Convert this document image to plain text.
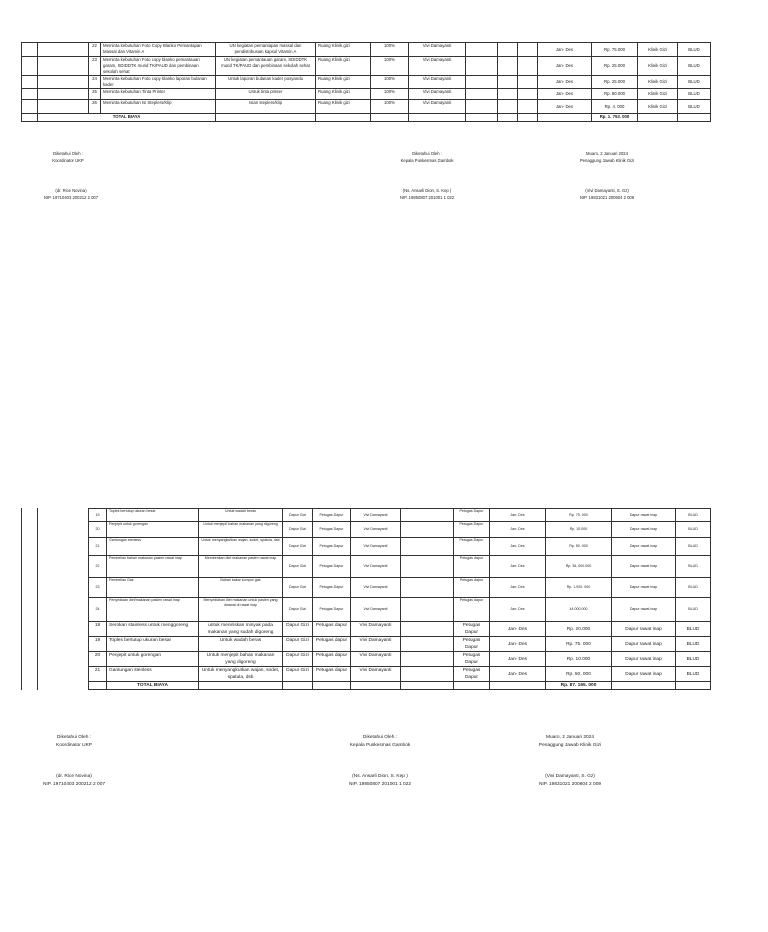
		22	Meminta kebutuhan Foto Copy Blanko Pemantapan Massal dan Vitamin A	UN kegiatan pemantapan massal dan pendistribusian kapsul Vitamin A	Ruang Klinik gizi	100%	Vivi Damayanti				Jan- Des	Rp. 75.000	Klinik Gizi	BLUD
		23	Meminta kebutuhan Foto copy blanko pemantauan garam, SDIDDTK murid TK/PAUD dan pembinaan sekolah sehat	UN kegiatan pemantauan garam, SDIDDTK murid TK/PAUD dan pembinaan sekolah sehat	Ruang Klinik gizi	100%	Vivi Damayanti				Jan- Des	Rp. 25.000	Klinik Gizi	BLUD
		24	Meminta kebutuhan Foto copy blanko laporan bulanan kader	Untuk laporan bulanan kader posyandu	Ruang Klinik gizi	100%	Vivi Damayanti				Jan- Des	Rp. 25.000	Klinik Gizi	BLUD
		25	Meminta kebutuhan Tinta Printer	Untuk tinta printer	Ruang Klinik gizi	100%	Vivi Damayanti				Jan- Des	Rp. 80.000	Klinik Gizi	BLUD
		26	Meminta kebutuhan Isi Steplers/Klip	Isian steplers/klip	Ruang Klinik gizi	100%	Vivi Damayanti				Jan- Des	Rp. 4. 000	Klinik Gizi	BLUD
	TOTAL BIAYA											Rp. 1. 753. 000		
Diketahui Oleh :
Koordinator UKP
(dr. Rice Novina)
NIP. 19710403 200212 2 007
Diketahui Oleh :
Kepala Puskesmas Gambok
(Ns. Ansarli Dion, S. Kep )
NIP. 19850807 201001 1 022
Muaro, 2 Januari 2024
Penaggung Jawab Klinik Gizi
(Vivi Damayanti, S. Gz)
NIP. 19831021 200604 2 009
19	Toples bertutup ukuran besar	Untuk wadah beras	Dapur Gizi	Petugas Dapur	Vivi Damayanti		Petugas Dapur	Jan- Des	Rp. 75. 000	Dapur rawat inap	BLUD
20	Penjepit untuk gorengan	Untuk menjepit bahan makanan yang digoreng	Dapur Gizi	Petugas Dapur	Vivi Damayanti		Petugas Dapur	Jan- Des	Rp. 10.000	Dapur rawat inap	BLUD
21	Gantungan stenless	Untuk menyangkutkan wajan, sodet, spatula, dsb	Dapur Gizi	Petugas Dapur	Vivi Damayanti		Petugas Dapur	Jan- Des	Rp. 50. 000	Dapur rawat inap	BLUD
22	Pembelian bahan makanan pasien rawat inap	Memberikan diet makanan pasien rawat inap	Dapur Gizi	Petugas Dapur	Vivi Damayanti		Petugas dapur	Jan- Des	Rp. 36. 000.000	Dapur rawat inap	BLUD
23	Pembelian Gas	Bahan bakar kompor gas	Dapur Gizi	Petugas Dapur	Vivi Damayanti		Petugas dapur	Jan- Des	Rp. 1.920. 000	Dapur rawat inap	BLUD
24	Penyediaan diet/makanan pasien rawat inap	Menyediakan diet makanan untuk pasien yang dirawat di rawat inap	Dapur Gizi	Petugas Dapur	Vivi Damayanti		Petugas dapur	Jan- Des	44.000.000	Dapur rawat inap	BLUD
18	Serokan stainless untuk menggoreng	untuk meniriskan minyak pada makanan yang sudah digoreng	Dapur Gizi	Petugas dapur	Vivi Damayanti		Petugas Dapur	Jan- Des	Rp. 20.000	Dapur rawat inap	BLUD
19	Toples bertutup ukuran besar	Untuk wadah beras	Dapur Gizi	Petugas dapur	Vivi Damayanti		Petugas Dapur	Jan- Des	Rp. 75. 000	Dapur rawat inap	BLUD
20	Penjepit untuk gorengan	Untuk menjepit bahan makanan yang digoreng	Dapur Gizi	Petugas dapur	Vivi Damayanti		Petugas Dapur	Jan- Des	Rp. 10.000	Dapur rawat inap	BLUD
21	Gantungan stenless	Untuk menyangkutkan wajan, sodet, spatula, dsb	Dapur Gizi	Petugas dapur	Vivi Damayanti		Petugas Dapur	Jan- Des	Rp. 50. 000	Dapur rawat inap	BLUD
	TOTAL BIAYA								Rp. 87. 165. 000		
Diketahui Oleh :
Koordinator UKP
(dr. Rice Novina)
NIP. 19710403 200212 2 007
Diketahui Oleh :
Kepala Puskesmas Gambok
(Ns. Ansarli Dion, S. Kep )
NIP. 19850807 201001 1 022
Muaro, 2 Januari 2024
Penaggung Jawab Klinik Gizi
(Vivi Damayanti, S. Gz)
NIP. 19831021 200604 2 009
